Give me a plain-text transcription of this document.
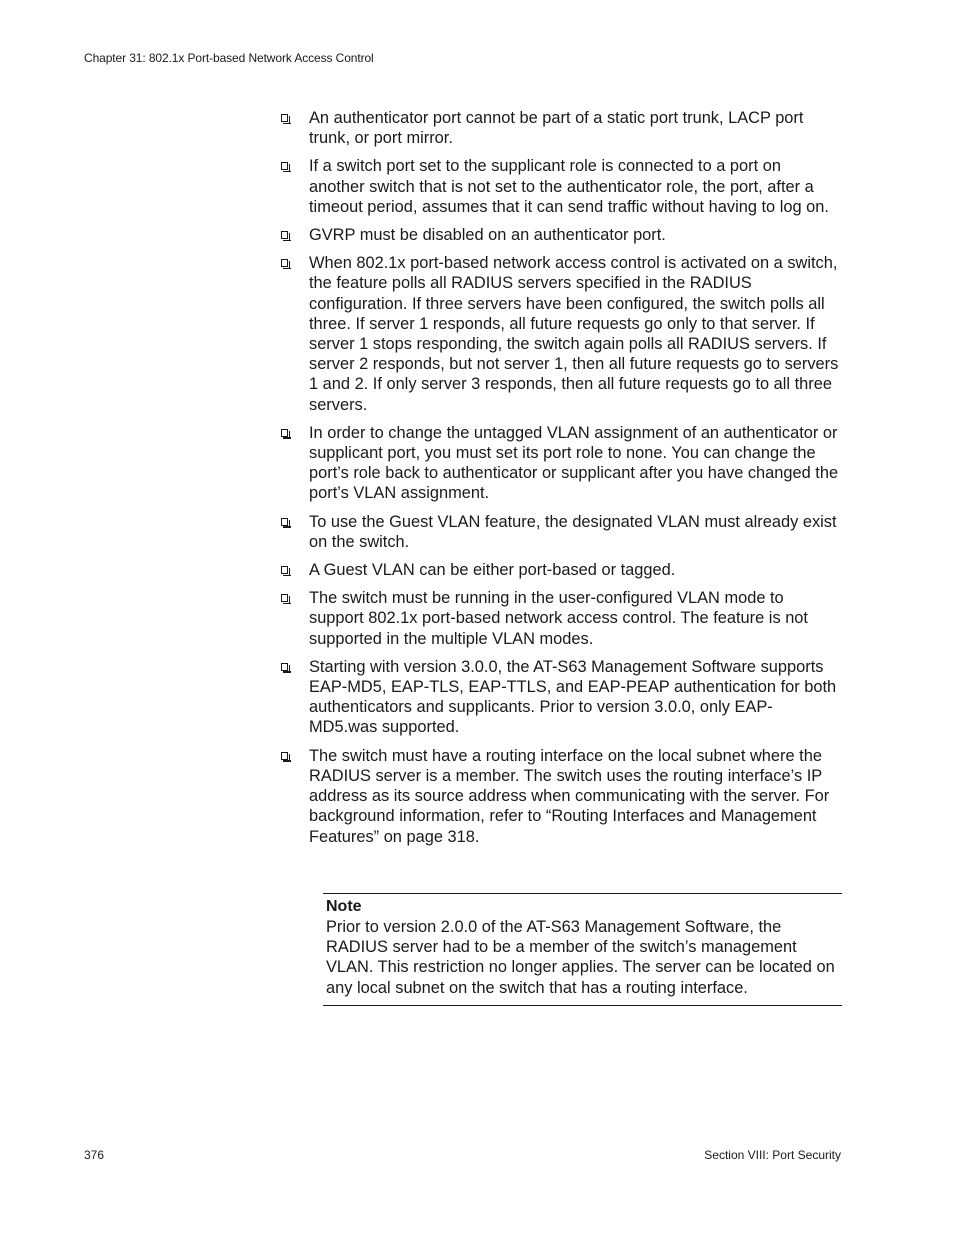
Chapter 31: 802.1x Port-based Network Access Control
An authenticator port cannot be part of a static port trunk, LACP port trunk, or port mirror.
If a switch port set to the supplicant role is connected to a port on another switch that is not set to the authenticator role, the port, after a timeout period, assumes that it can send traffic without having to log on.
GVRP must be disabled on an authenticator port.
When 802.1x port-based network access control is activated on a switch, the feature polls all RADIUS servers specified in the RADIUS configuration. If three servers have been configured, the switch polls all three. If server 1 responds, all future requests go only to that server. If server 1 stops responding, the switch again polls all RADIUS servers. If server 2 responds, but not server 1, then all future requests go to servers 1 and 2. If only server 3 responds, then all future requests go to all three servers.
In order to change the untagged VLAN assignment of an authenticator or supplicant port, you must set its port role to none. You can change the port’s role back to authenticator or supplicant after you have changed the port’s VLAN assignment.
To use the Guest VLAN feature, the designated VLAN must already exist on the switch.
A Guest VLAN can be either port-based or tagged.
The switch must be running in the user-configured VLAN mode to support 802.1x port-based network access control. The feature is not supported in the multiple VLAN modes.
Starting with version 3.0.0, the AT-S63 Management Software supports EAP-MD5, EAP-TLS, EAP-TTLS, and EAP-PEAP authentication for both authenticators and supplicants. Prior to version 3.0.0, only EAP-MD5.was supported.
The switch must have a routing interface on the local subnet where the RADIUS server is a member. The switch uses the routing interface’s IP address as its source address when communicating with the server. For background information, refer to “Routing Interfaces and Management Features” on page 318.
Note
Prior to version 2.0.0 of the AT-S63 Management Software, the RADIUS server had to be a member of the switch’s management VLAN. This restriction no longer applies. The server can be located on any local subnet on the switch that has a routing interface.
376	Section VIII: Port Security
